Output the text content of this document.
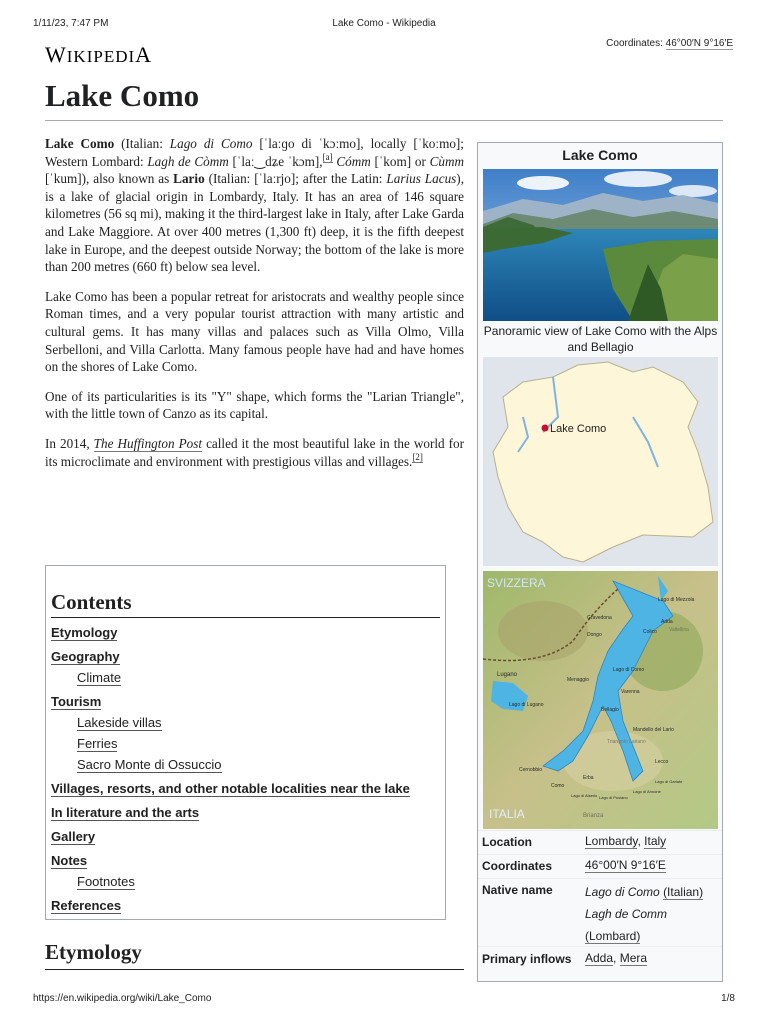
1/11/23, 7:47 PM	Lake Como - Wikipedia
WIKIPEDIA	Coordinates: 46°00′N 9°16′E
Lake Como

Lake Como (Italian: Lago di Como [ˈlaːɡo di ˈkɔːmo], locally [ˈkoːmo]; Western Lombard: Lagh de Còmm [ˈlaː‿dʑe ˈkɔm],[a] Cómm [ˈkom] or Cùmm [ˈkum]), also known as Lario (Italian: [ˈlaːrjo]; after the Latin: Larius Lacus), is a lake of glacial origin in Lombardy, Italy. It has an area of 146 square kilometres (56 sq mi), making it the third-largest lake in Italy, after Lake Garda and Lake Maggiore. At over 400 metres (1,300 ft) deep, it is the fifth deepest lake in Europe, and the deepest outside Norway; the bottom of the lake is more than 200 metres (660 ft) below sea level.

Lake Como has been a popular retreat for aristocrats and wealthy people since Roman times, and a very popular tourist attraction with many artistic and cultural gems. It has many villas and palaces such as Villa Olmo, Villa Serbelloni, and Villa Carlotta. Many famous people have had and have homes on the shores of Lake Como.

One of its particularities is its "Y" shape, which forms the "Larian Triangle", with the little town of Canzo as its capital.

In 2014, The Huffington Post called it the most beautiful lake in the world for its microclimate and environment with prestigious villas and villages.[2]

Contents
Etymology
Geography
Climate
Tourism
Lakeside villas
Ferries
Sacro Monte di Ossuccio
Villages, resorts, and other notable localities near the lake
In literature and the arts
Gallery
Notes
Footnotes
References
Etymology
Lake Como
Panoramic view of Lake Como with the Alps and Bellagio
Lake Como
SVIZZERA
ITALIA
Lugano
Lago di Lugano
Gravedona
Dongo	Colico
Lago di Mezzola
Adda
Valtellina
Menaggio
Lago di Como
Varenna
Bellagio
Mandello del Lario
Triangolo Lariano
Cernobbio
Como
Erba
Lecco
Lago di Alserio Lago di Pusiano
Lago di Annone
Lago di Garlate
Brianza
Location	Lombardy, Italy
Coordinates	46°00′N 9°16′E
Native name	Lago di Como (Italian)
Lagh de Comm (Lombard)
Primary inflows Adda, Mera
https://en.wikipedia.org/wiki/Lake_Como	1/8
